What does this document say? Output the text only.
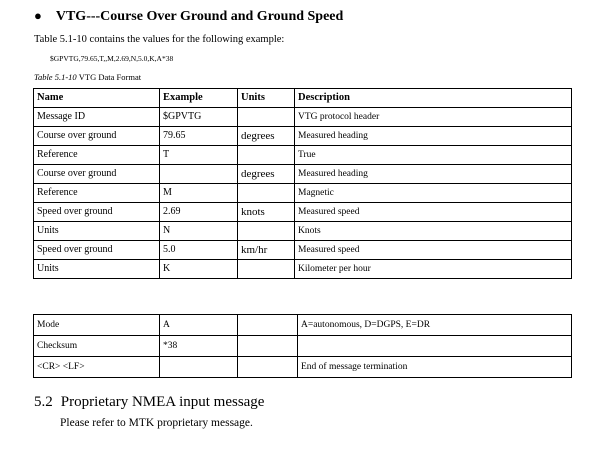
● VTG---Course Over Ground and Ground Speed
Table 5.1-10 contains the values for the following example:
$GPVTG,79.65,T,,M,2.69,N,5.0,K,A*38
Table 5.1-10 VTG Data Format
Name	Example	Units	Description
Message ID	$GPVTG		VTG protocol header
Course over ground	79.65	degrees	Measured heading
Reference	T		True
Course over ground		degrees	Measured heading
Reference	M		Magnetic
Speed over ground	2.69	knots	Measured speed
Units	N		Knots
Speed over ground	5.0	km/hr	Measured speed
Units	K		Kilometer per hour
Mode	A		A=autonomous, D=DGPS, E=DR
Checksum	*38		
<CR> <LF>			End of message termination
5.2 Proprietary NMEA input message
Please refer to MTK proprietary message.
